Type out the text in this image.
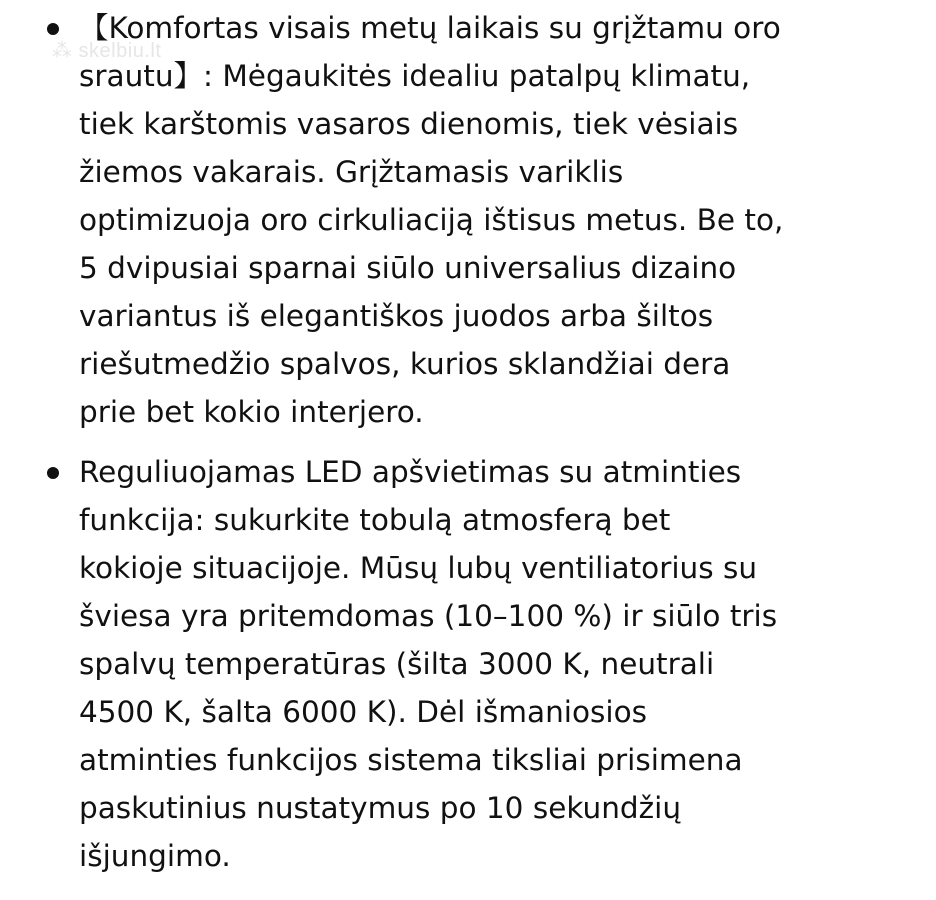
⁂ skelbiu.lt
【Komfortas visais metų laikais su grįžtamu oro
srautu】: Mėgaukitės idealiu patalpų klimatu,
tiek karštomis vasaros dienomis, tiek vėsiais
žiemos vakarais. Grįžtamasis variklis
optimizuoja oro cirkuliaciją ištisus metus. Be to,
5 dvipusiai sparnai siūlo universalius dizaino
variantus iš elegantiškos juodos arba šiltos
riešutmedžio spalvos, kurios sklandžiai dera
prie bet kokio interjero.
Reguliuojamas LED apšvietimas su atminties
funkcija: sukurkite tobulą atmosferą bet
kokioje situacijoje. Mūsų lubų ventiliatorius su
šviesa yra pritemdomas (10–100 %) ir siūlo tris
spalvų temperatūras (šilta 3000 K, neutrali
4500 K, šalta 6000 K). Dėl išmaniosios
atminties funkcijos sistema tiksliai prisimena
paskutinius nustatymus po 10 sekundžių
išjungimo.
